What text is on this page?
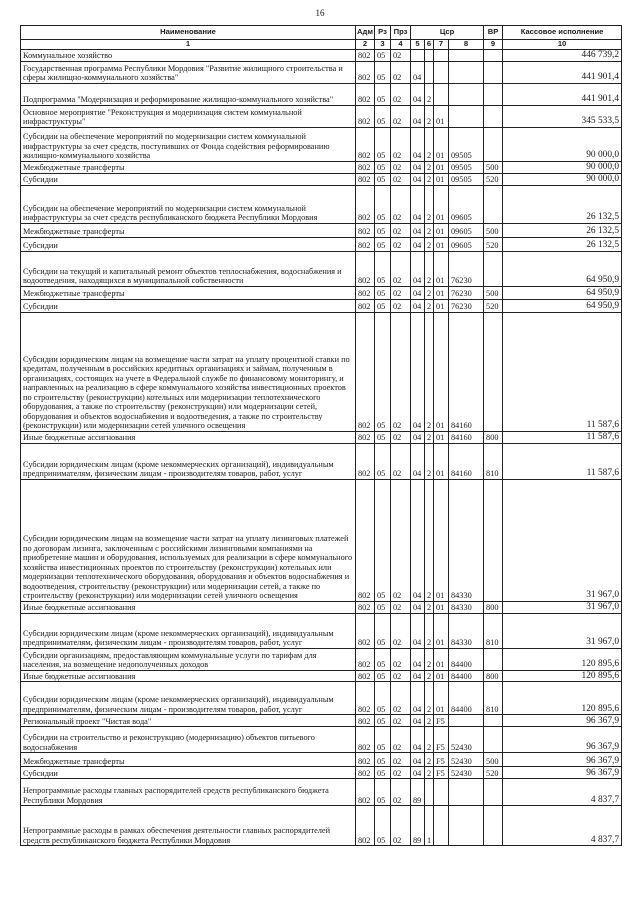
16
Наименование	Адм	Рз	Прз	Цср				ВР	Кассовое исполнение
1	2	3	4	5	6	7	8	9	10
Коммунальное хозяйство	802	05	02						446 739,2
Государственная программа Республики Мордовия "Развитие жилищного строительства и сферы жилищно-коммунального хозяйства"	802	05	02	04					441 901,4
Подпрограмма "Модернизация и реформирование жилищно-коммунального хозяйства"	802	05	02	04	2				441 901,4
Основное мероприятие "Реконструкция и модернизация систем коммунальной инфраструктуры"	802	05	02	04	2	01			345 533,5
Субсидии на обеспечение мероприятий по модернизации систем коммунальной инфраструктуры за счет средств, поступивших от Фонда содействия реформированию жилищно-коммунального хозяйства	802	05	02	04	2	01	09505		90 000,0
Межбюджетные трансферты	802	05	02	04	2	01	09505	500	90 000,0
Субсидии	802	05	02	04	2	01	09505	520	90 000,0
Субсидии на обеспечение мероприятий по модернизации систем коммунальной инфраструктуры за счет средств республиканского бюджета Республики Мордовия	802	05	02	04	2	01	09605		26 132,5
Межбюджетные трансферты	802	05	02	04	2	01	09605	500	26 132,5
Субсидии	802	05	02	04	2	01	09605	520	26 132,5
Субсидии на текущий и капитальный ремонт объектов теплоснабжения, водоснабжения и водоотведения, находящихся в муниципальной собственности	802	05	02	04	2	01	76230		64 950,9
Межбюджетные трансферты	802	05	02	04	2	01	76230	500	64 950,9
Субсидии	802	05	02	04	2	01	76230	520	64 950,9
Субсидии юридическим лицам на возмещение части затрат на уплату процентной ставки по кредитам, полученным в российских кредитных организациях и займам, полученным в организациях, состоящих на учете в Федеральной службе по финансовому мониторингу, и направленных на реализацию в сфере коммунального хозяйства инвестиционных проектов по строительству (реконструкции) котельных или модернизации теплотехнического оборудования, а также по строительству (реконструкции) или модернизации сетей, оборудования и объектов водоснабжения и водоотведения, а также по строительству (реконструкции) или модернизации сетей уличного освещения	802	05	02	04	2	01	84160		11 587,6
Иные бюджетные ассигнования	802	05	02	04	2	01	84160	800	11 587,6
Субсидии юридическим лицам (кроме некоммерческих организаций), индивидуальным предпринимателям, физическим лицам - производителям товаров, работ, услуг	802	05	02	04	2	01	84160	810	11 587,6
Субсидии юридическим лицам на возмещение части затрат на уплату лизинговых платежей по договорам лизинга, заключенным с российскими лизинговыми компаниями на приобретение машин и оборудования, используемых для реализации в сфере коммунального хозяйства инвестиционных проектов по строительству (реконструкции) котельных или модернизации теплотехнического оборудования, оборудования и объектов водоснабжения и водоотведения, строительству (реконструкции) или модернизации сетей, а также по строительству (реконструкции) или модернизации сетей уличного освещения	802	05	02	04	2	01	84330		31 967,0
Иные бюджетные ассигнования	802	05	02	04	2	01	84330	800	31 967,0
Субсидии юридическим лицам (кроме некоммерческих организаций), индивидуальным предпринимателям, физическим лицам - производителям товаров, работ, услуг	802	05	02	04	2	01	84330	810	31 967,0
Субсидии организациям, предоставляющим коммунальные услуги по тарифам для населения, на возмещение недополученных доходов	802	05	02	04	2	01	84400		120 895,6
Иные бюджетные ассигнования	802	05	02	04	2	01	84400	800	120 895,6
Субсидии юридическим лицам (кроме некоммерческих организаций), индивидуальным предпринимателям, физическим лицам - производителям товаров, работ, услуг	802	05	02	04	2	01	84400	810	120 895,6
Региональный проект "Чистая вода"	802	05	02	04	2	F5			96 367,9
Субсидии на строительство и реконструкцию (модернизацию) объектов питьевого водоснабжения	802	05	02	04	2	F5	52430		96 367,9
Межбюджетные трансферты	802	05	02	04	2	F5	52430	500	96 367,9
Субсидии	802	05	02	04	2	F5	52430	520	96 367,9
Непрограммные расходы главных распорядителей средств республиканского бюджета Республики Мордовия	802	05	02	89					4 837,7
Непрограммные расходы в рамках обеспечения деятельности главных распорядителей средств республиканского бюджета Республики Мордовия	802	05	02	89	1				4 837,7
